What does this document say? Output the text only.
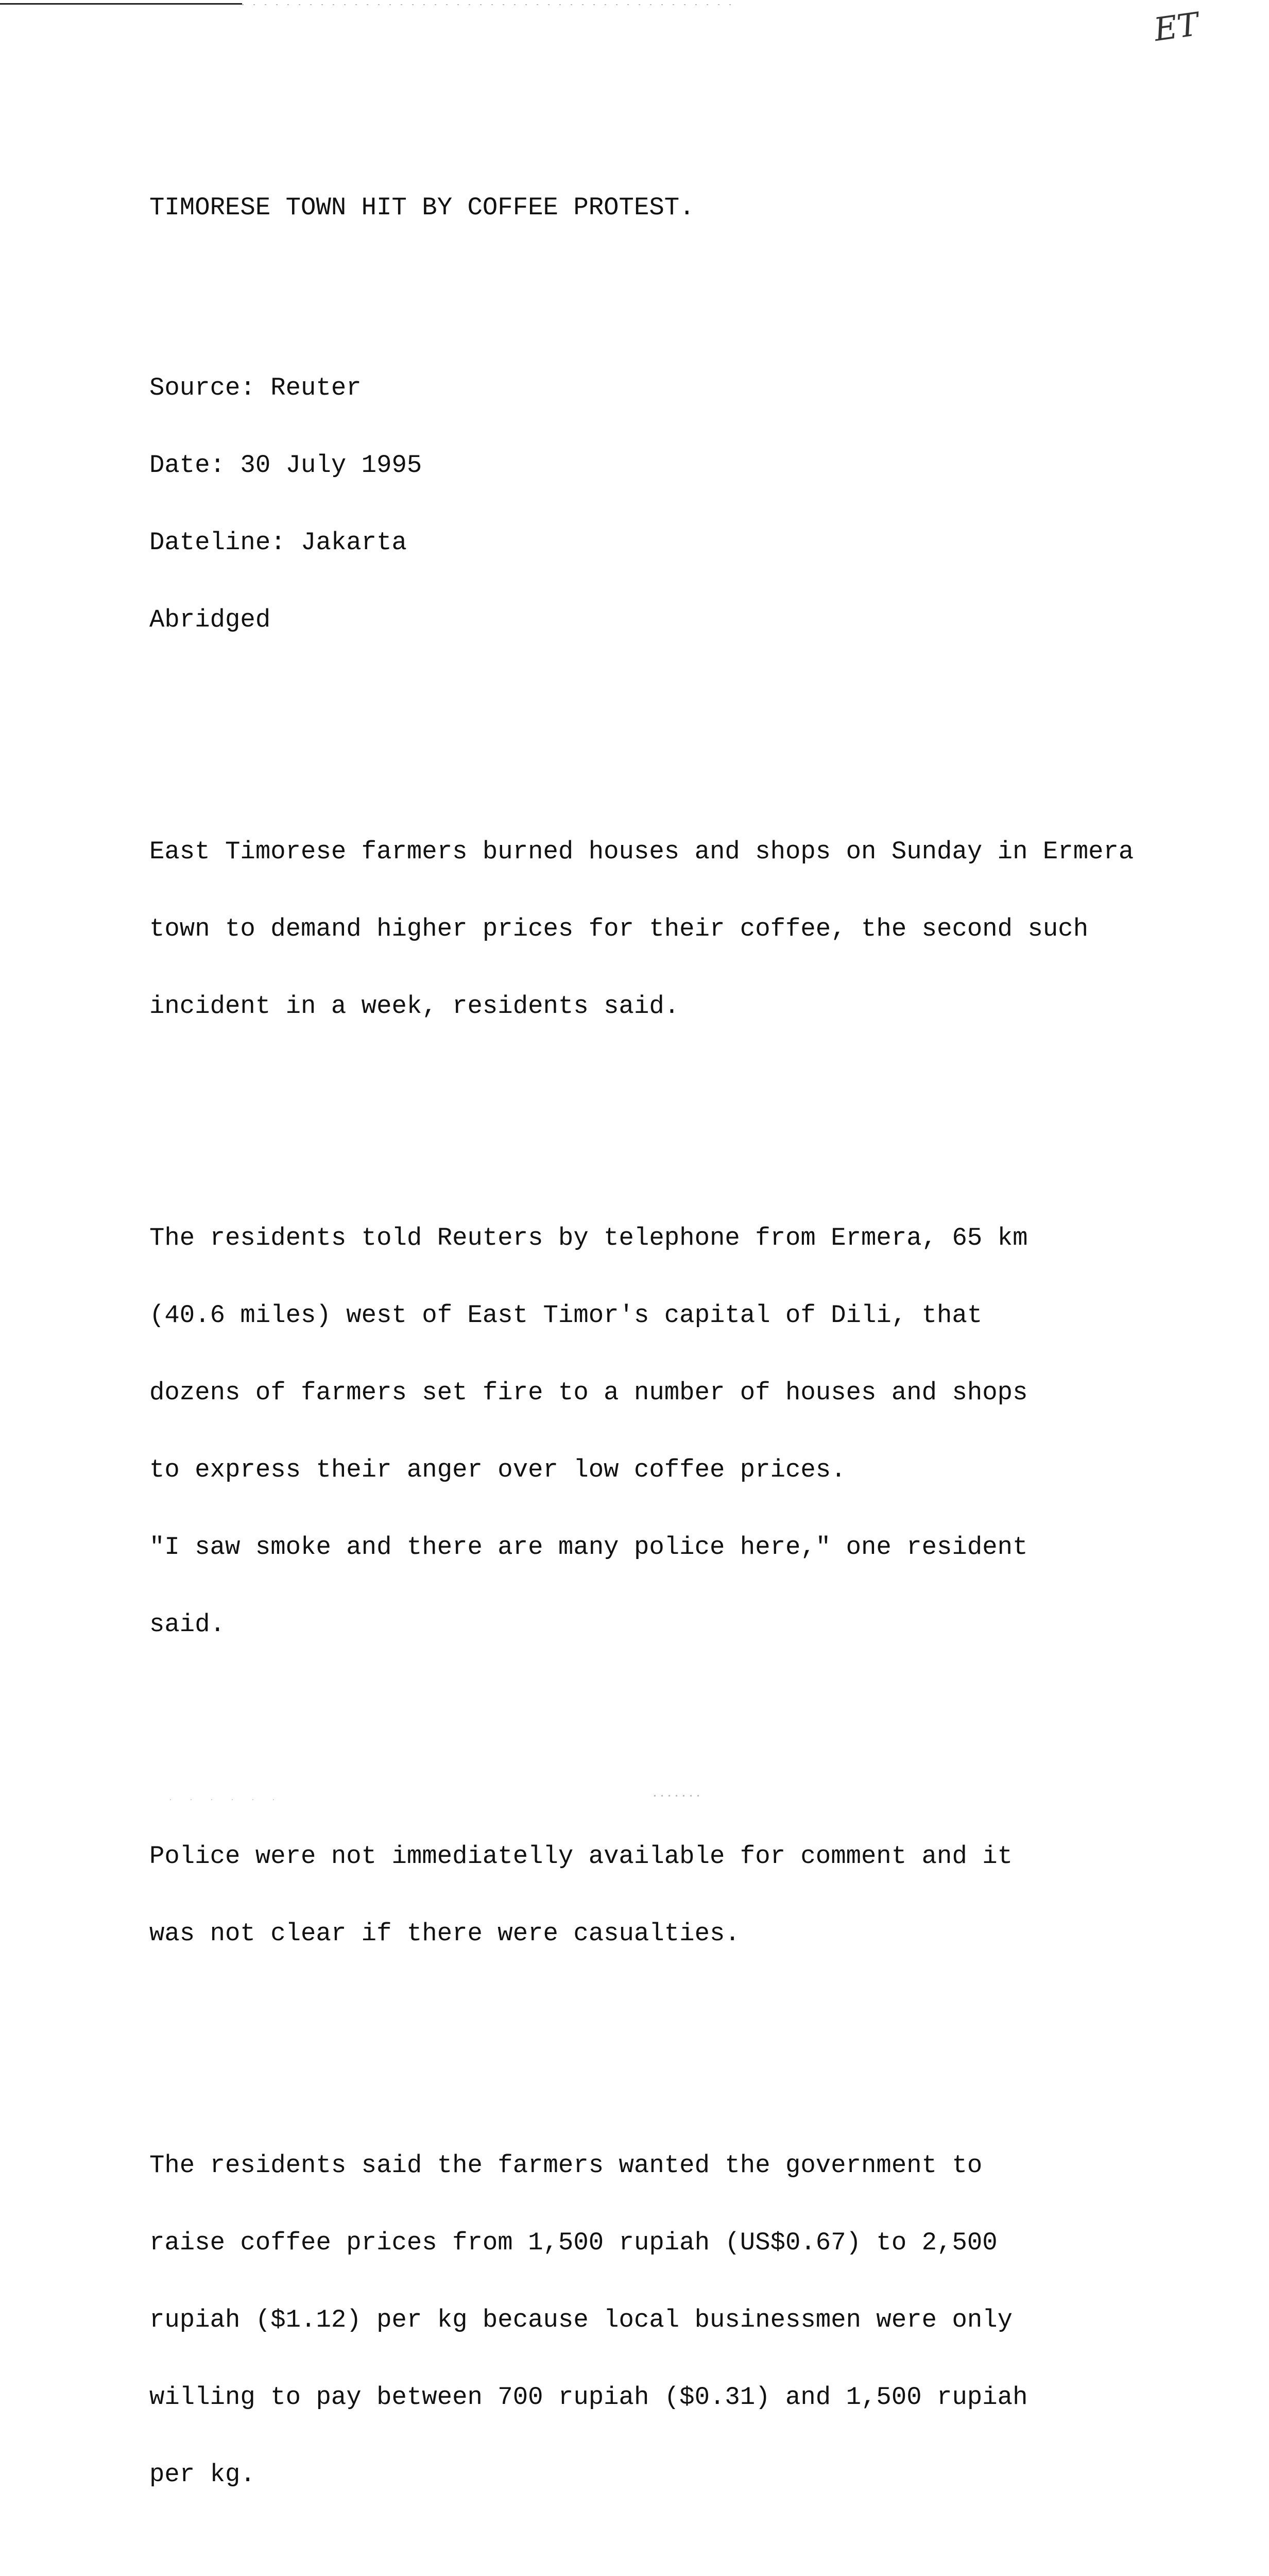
ET

TIMORESE TOWN HIT BY COFFEE PROTEST.

Source: Reuter

Date: 30 July 1995

Dateline: Jakarta

Abridged

East Timorese farmers burned houses and shops on Sunday in Ermera

town to demand higher prices for their coffee, the second such

incident in a week, residents said.

The residents told Reuters by telephone from Ermera, 65 km

(40.6 miles) west of East Timor's capital of Dili, that

dozens of farmers set fire to a number of houses and shops

to express their anger over low coffee prices.

"I saw smoke and there are many police here," one resident

said.

Police were not immediatelly available for comment and it

was not clear if there were casualties.

The residents said the farmers wanted the government to

raise coffee prices from 1,500 rupiah (US$0.67) to 2,500

rupiah ($1.12) per kg because local businessmen were only

willing to pay between 700 rupiah ($0.31) and 1,500 rupiah

per kg.
